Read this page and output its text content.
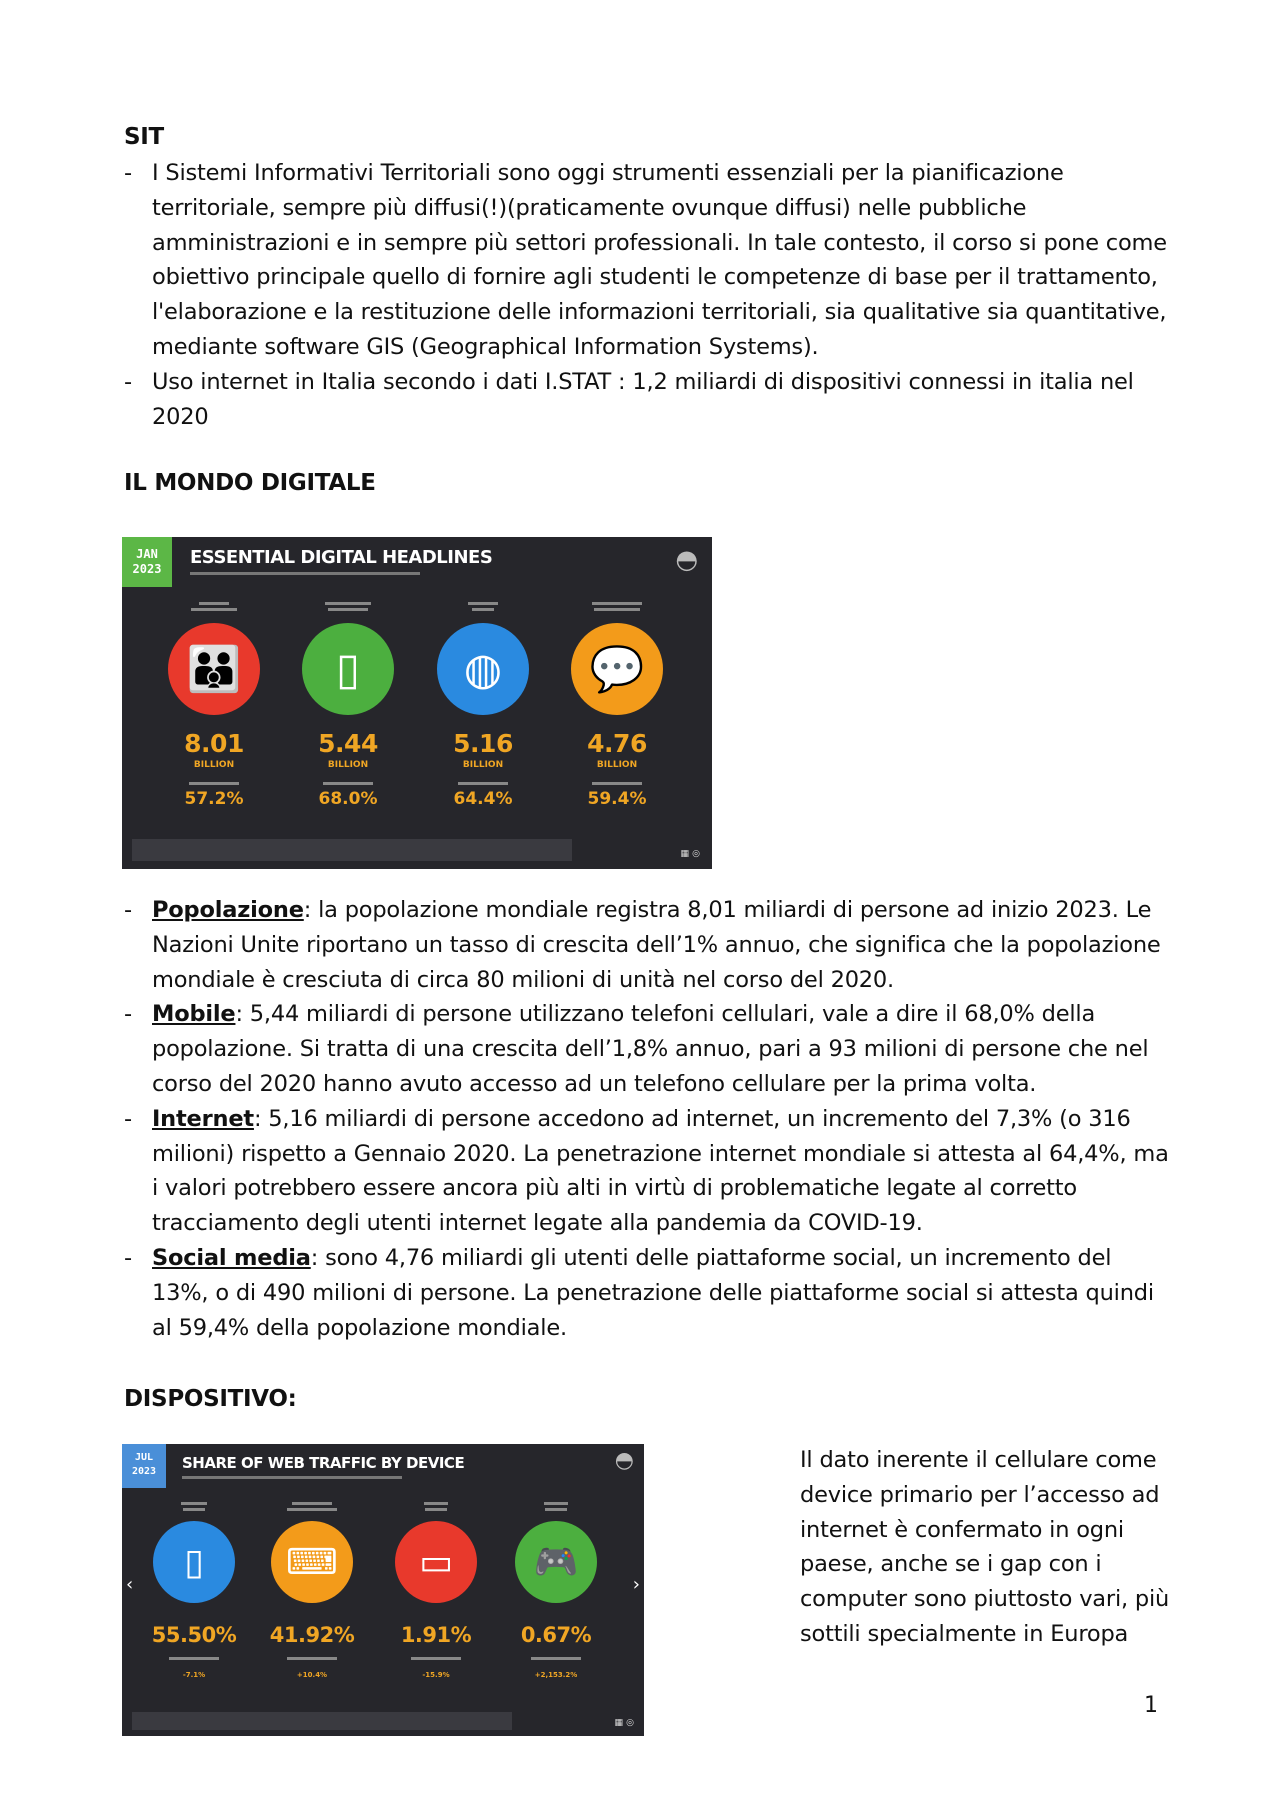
SIT
- I Sistemi Informativi Territoriali sono oggi strumenti essenziali per la pianificazione territoriale, sempre più diffusi(!)(praticamente ovunque diffusi) nelle pubbliche amministrazioni e in sempre più settori professionali. In tale contesto, il corso si pone come obiettivo principale quello di fornire agli studenti le competenze di base per il trattamento, l'elaborazione e la restituzione delle informazioni territoriali, sia qualitative sia quantitative, mediante software GIS (Geographical Information Systems).
- Uso internet in Italia secondo i dati I.STAT : 1,2 miliardi di dispositivi connessi in italia nel 2020
IL MONDO DIGITALE
JAN
2023
ESSENTIAL DIGITAL HEADLINES	◓
👪
8.01
BILLION
57.2%
▯
5.44
BILLION
68.0%
◍
5.16
BILLION
64.4%
💬
4.76
BILLION
59.4%
▦ ◎
- Popolazione: la popolazione mondiale registra 8,01 miliardi di persone ad inizio 2023. Le Nazioni Unite riportano un tasso di crescita dell’1% annuo, che significa che la popolazione mondiale è cresciuta di circa 80 milioni di unità nel corso del 2020.
- Mobile: 5,44 miliardi di persone utilizzano telefoni cellulari, vale a dire il 68,0% della popolazione. Si tratta di una crescita dell’1,8% annuo, pari a 93 milioni di persone che nel corso del 2020 hanno avuto accesso ad un telefono cellulare per la prima volta.
- Internet: 5,16 miliardi di persone accedono ad internet, un incremento del 7,3% (o 316 milioni) rispetto a Gennaio 2020. La penetrazione internet mondiale si attesta al 64,4%, ma i valori potrebbero essere ancora più alti in virtù di problematiche legate al corretto tracciamento degli utenti internet legate alla pandemia da COVID-19.
- Social media: sono 4,76 miliardi gli utenti delle piattaforme social, un incremento del 13%, o di 490 milioni di persone. La penetrazione delle piattaforme social si attesta quindi al 59,4% della popolazione mondiale.
DISPOSITIVO:
JUL
2023	SHARE OF WEB TRAFFIC BY DEVICE	◓
‹	›
▯
55.50%
-7.1%
⌨
41.92%
+10.4%
▭
1.91%
-15.9%
🎮
0.67%
+2,153.2%
▦ ◎
Il dato inerente il cellulare come device primario per l’accesso ad internet è confermato in ogni paese, anche se i gap con i computer sono piuttosto vari, più sottili specialmente in Europa
1
